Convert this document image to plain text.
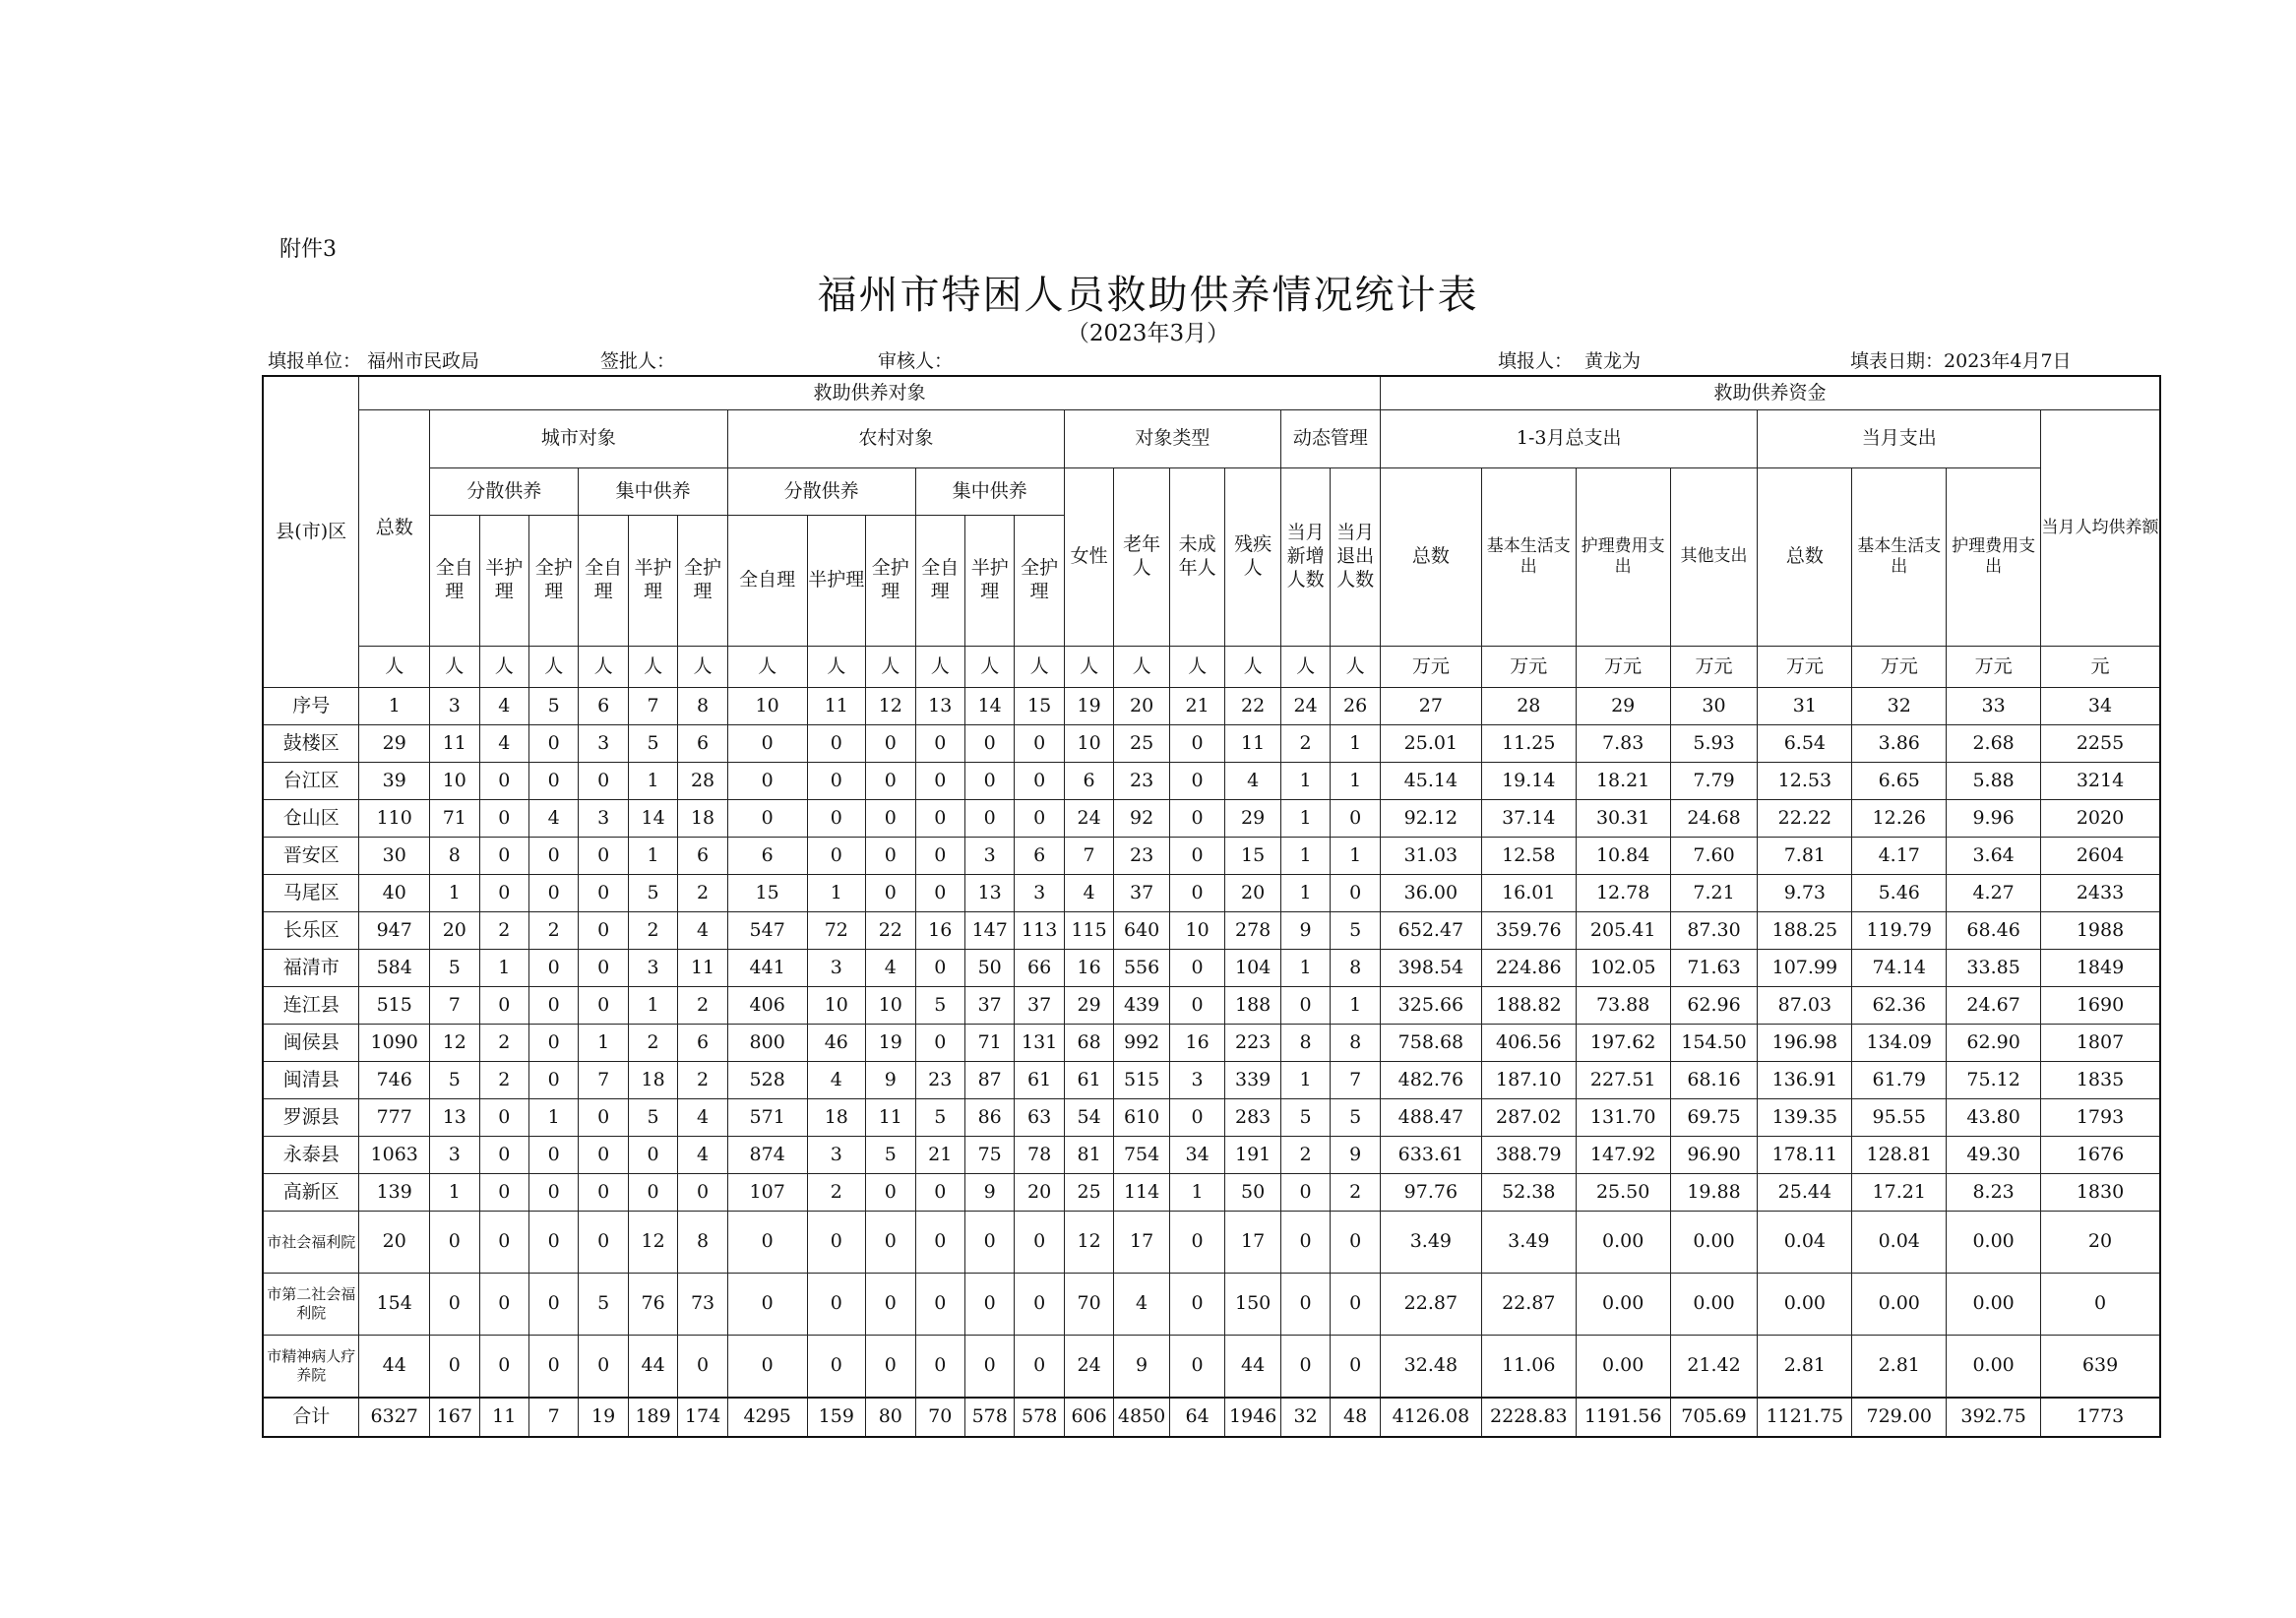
附件3
福州市特困人员救助供养情况统计表
（2023年3月）
填报单位： 福州市民政局	签批人：	审核人：	填报人： 黄龙为	填表日期：2023年4月7日
县(市)区	救助供养对象																			救助供养资金							
	总数	城市对象						农村对象						对象类型				动态管理		1-3月总支出				当月支出			当月人均供养额
		分散供养			集中供养			分散供养			集中供养			女性	老年人	未成年人	残疾人	当月新增人数	当月退出人数	总数	基本生活支出	护理费用支出	其他支出	总数	基本生活支出	护理费用支出	
		全自理	半护理	全护理	全自理	半护理	全护理	全自理	半护理	全护理	全自理	半护理	全护理														
	人	人	人	人	人	人	人	人	人	人	人	人	人	人	人	人	人	人	人	万元	万元	万元	万元	万元	万元	万元	元
序号	1	3	4	5	6	7	8	10	11	12	13	14	15	19	20	21	22	24	26	27	28	29	30	31	32	33	34
鼓楼区	29	11	4	0	3	5	6	0	0	0	0	0	0	10	25	0	11	2	1	25.01	11.25	7.83	5.93	6.54	3.86	2.68	2255
台江区	39	10	0	0	0	1	28	0	0	0	0	0	0	6	23	0	4	1	1	45.14	19.14	18.21	7.79	12.53	6.65	5.88	3214
仓山区	110	71	0	4	3	14	18	0	0	0	0	0	0	24	92	0	29	1	0	92.12	37.14	30.31	24.68	22.22	12.26	9.96	2020
晋安区	30	8	0	0	0	1	6	6	0	0	0	3	6	7	23	0	15	1	1	31.03	12.58	10.84	7.60	7.81	4.17	3.64	2604
马尾区	40	1	0	0	0	5	2	15	1	0	0	13	3	4	37	0	20	1	0	36.00	16.01	12.78	7.21	9.73	5.46	4.27	2433
长乐区	947	20	2	2	0	2	4	547	72	22	16	147	113	115	640	10	278	9	5	652.47	359.76	205.41	87.30	188.25	119.79	68.46	1988
福清市	584	5	1	0	0	3	11	441	3	4	0	50	66	16	556	0	104	1	8	398.54	224.86	102.05	71.63	107.99	74.14	33.85	1849
连江县	515	7	0	0	0	1	2	406	10	10	5	37	37	29	439	0	188	0	1	325.66	188.82	73.88	62.96	87.03	62.36	24.67	1690
闽侯县	1090	12	2	0	1	2	6	800	46	19	0	71	131	68	992	16	223	8	8	758.68	406.56	197.62	154.50	196.98	134.09	62.90	1807
闽清县	746	5	2	0	7	18	2	528	4	9	23	87	61	61	515	3	339	1	7	482.76	187.10	227.51	68.16	136.91	61.79	75.12	1835
罗源县	777	13	0	1	0	5	4	571	18	11	5	86	63	54	610	0	283	5	5	488.47	287.02	131.70	69.75	139.35	95.55	43.80	1793
永泰县	1063	3	0	0	0	0	4	874	3	5	21	75	78	81	754	34	191	2	9	633.61	388.79	147.92	96.90	178.11	128.81	49.30	1676
高新区	139	1	0	0	0	0	0	107	2	0	0	9	20	25	114	1	50	0	2	97.76	52.38	25.50	19.88	25.44	17.21	8.23	1830
市社会福利院	20	0	0	0	0	12	8	0	0	0	0	0	0	12	17	0	17	0	0	3.49	3.49	0.00	0.00	0.04	0.04	0.00	20
市第二社会福利院	154	0	0	0	5	76	73	0	0	0	0	0	0	70	4	0	150	0	0	22.87	22.87	0.00	0.00	0.00	0.00	0.00	0
市精神病人疗养院	44	0	0	0	0	44	0	0	0	0	0	0	0	24	9	0	44	0	0	32.48	11.06	0.00	21.42	2.81	2.81	0.00	639
合计	6327	167	11	7	19	189	174	4295	159	80	70	578	578	606	4850	64	1946	32	48	4126.08	2228.83	1191.56	705.69	1121.75	729.00	392.75	1773
